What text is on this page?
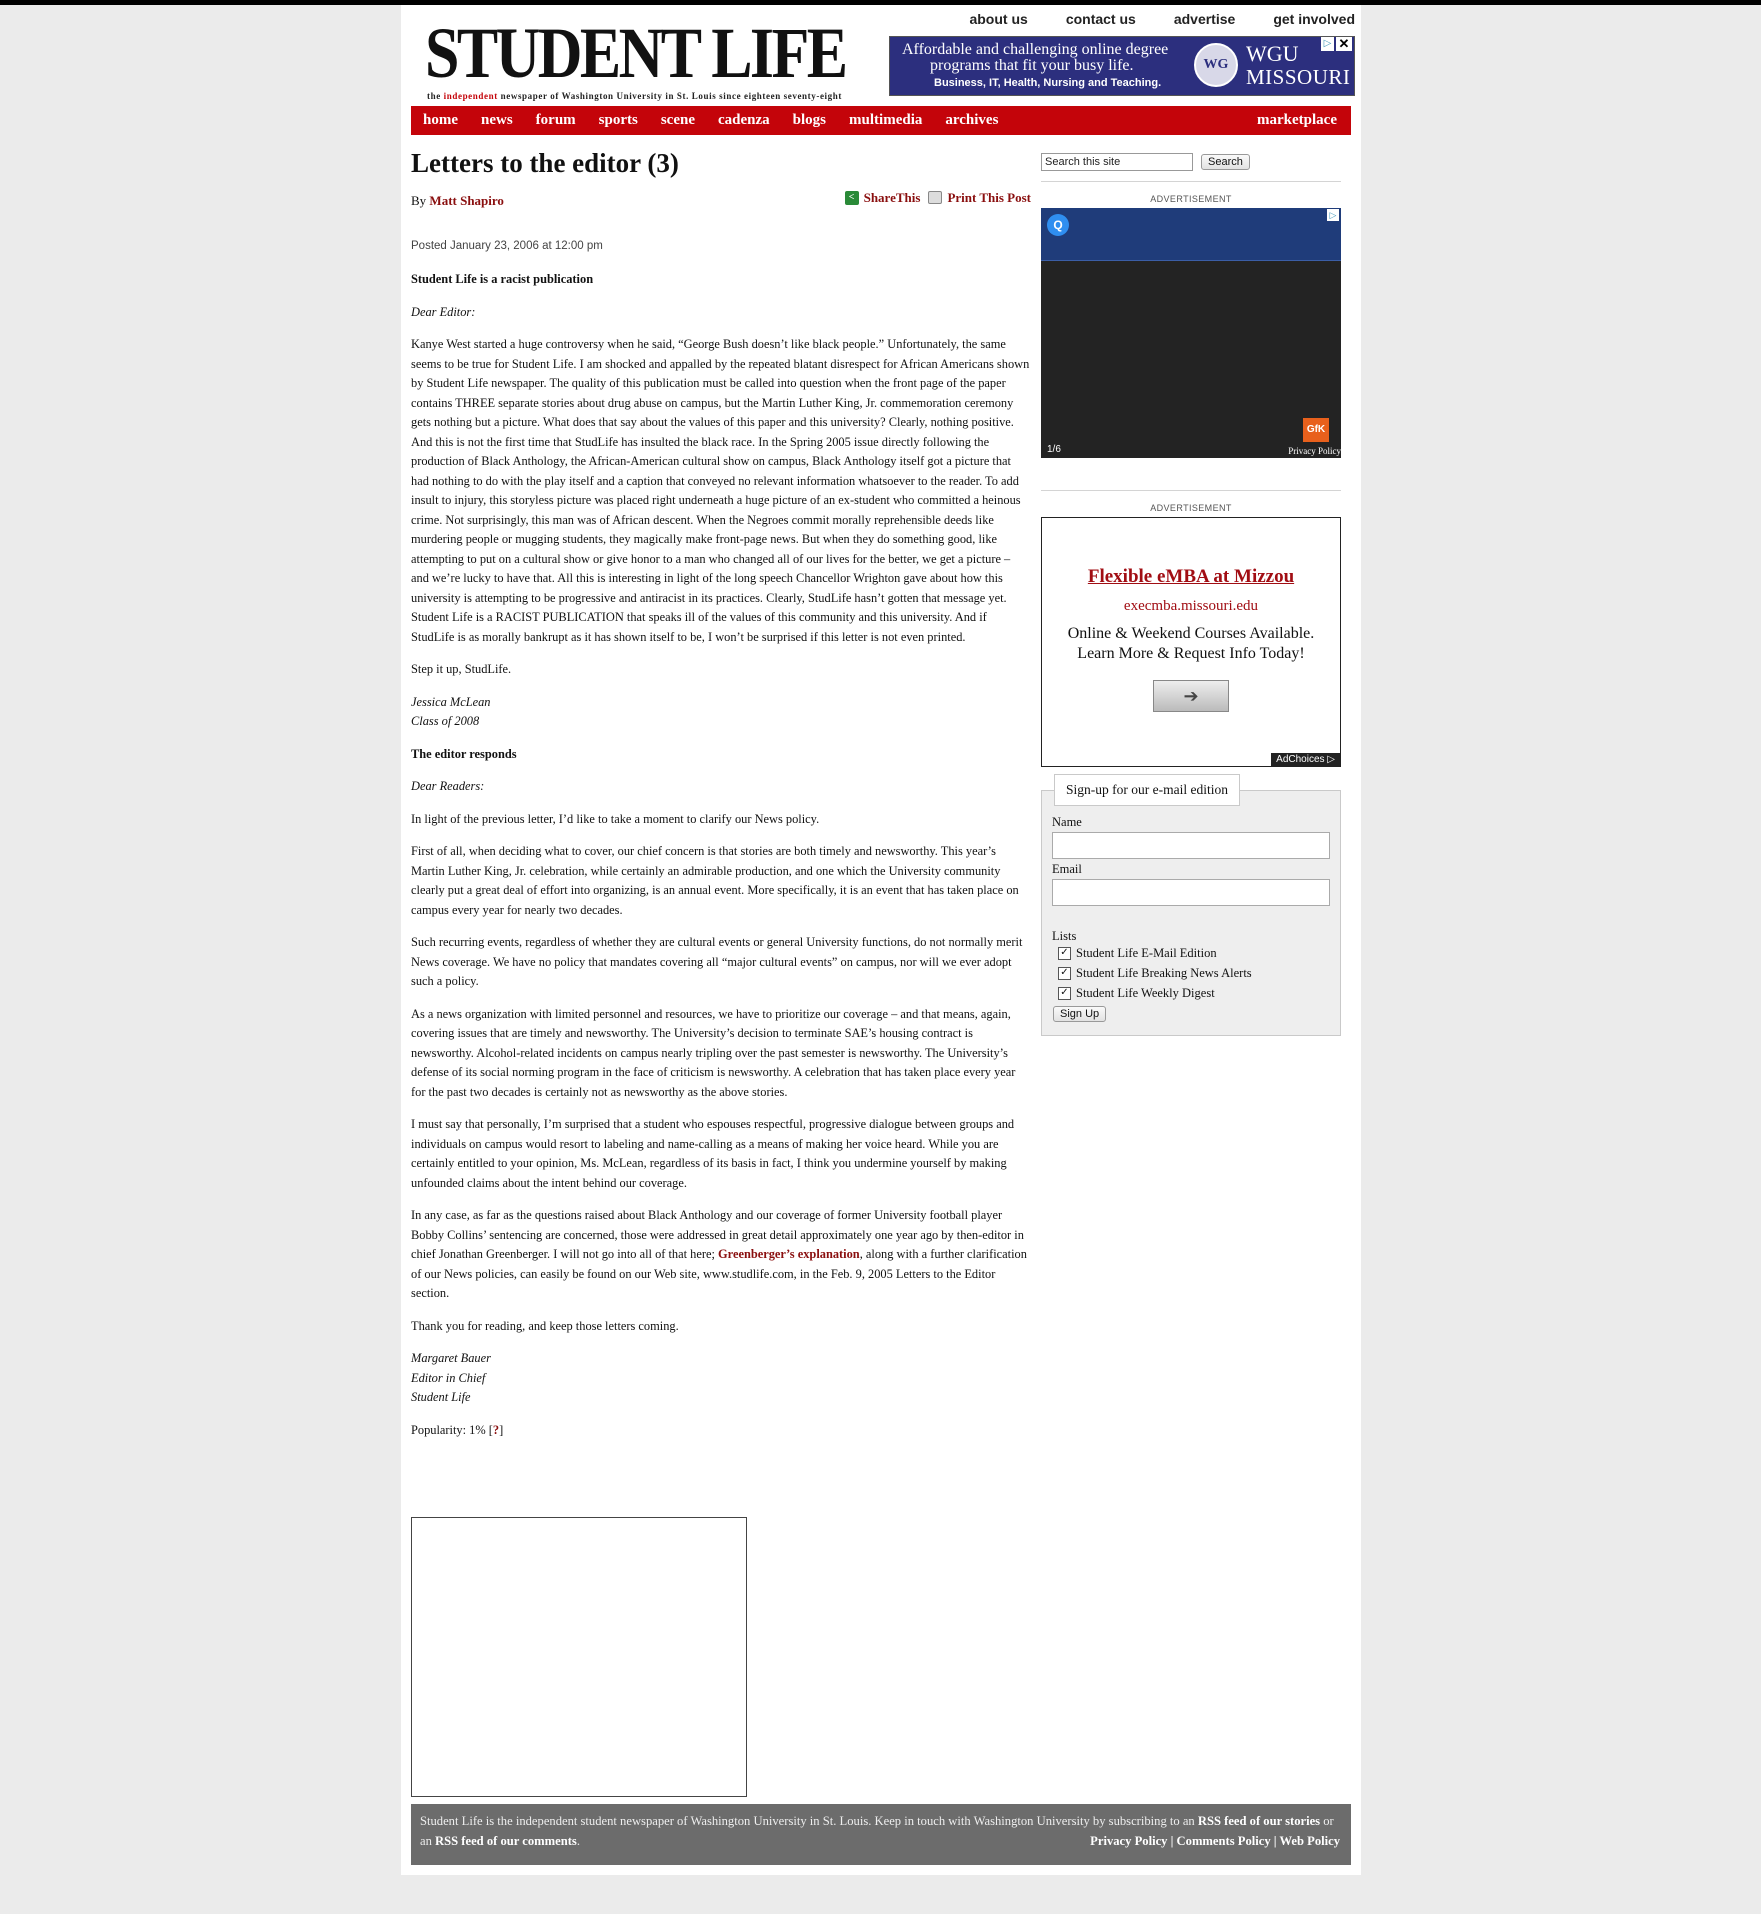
STUDENT LIFE
the independent newspaper of Washington University in St. Louis since eighteen seventy-eight
about us	contact us	advertise	get involved
Affordable and challenging online degree
programs that fit your busy life.
Business, IT, Health, Nursing and Teaching.
WG WGU
MISSOURI
▷ ✕
home news forum sports scene cadenza blogs multimedia archives	marketplace
Letters to the editor (3)
By Matt Shapiro	< ShareThis Print This Post
Posted January 23, 2006 at 12:00 pm

Student Life is a racist publication

Dear Editor:

Kanye West started a huge controversy when he said, “George Bush doesn’t like black people.” Unfortunately, the same seems to be true for Student Life. I am shocked and appalled by the repeated blatant disrespect for African Americans shown by Student Life newspaper. The quality of this publication must be called into question when the front page of the paper contains THREE separate stories about drug abuse on campus, but the Martin Luther King, Jr. commemoration ceremony gets nothing but a picture. What does that say about the values of this paper and this university? Clearly, nothing positive. And this is not the first time that StudLife has insulted the black race. In the Spring 2005 issue directly following the production of Black Anthology, the African-American cultural show on campus, Black Anthology itself got a picture that had nothing to do with the play itself and a caption that conveyed no relevant information whatsoever to the reader. To add insult to injury, this storyless picture was placed right underneath a huge picture of an ex-student who committed a heinous crime. Not surprisingly, this man was of African descent. When the Negroes commit morally reprehensible deeds like murdering people or mugging students, they magically make front-page news. But when they do something good, like attempting to put on a cultural show or give honor to a man who changed all of our lives for the better, we get a picture – and we’re lucky to have that. All this is interesting in light of the long speech Chancellor Wrighton gave about how this university is attempting to be progressive and antiracist in its practices. Clearly, StudLife hasn’t gotten that message yet. Student Life is a RACIST PUBLICATION that speaks ill of the values of this community and this university. And if StudLife is as morally bankrupt as it has shown itself to be, I won’t be surprised if this letter is not even printed.

Step it up, StudLife.

Jessica McLean
Class of 2008

The editor responds

Dear Readers:

In light of the previous letter, I’d like to take a moment to clarify our News policy.

First of all, when deciding what to cover, our chief concern is that stories are both timely and newsworthy. This year’s Martin Luther King, Jr. celebration, while certainly an admirable production, and one which the University community clearly put a great deal of effort into organizing, is an annual event. More specifically, it is an event that has taken place on campus every year for nearly two decades.

Such recurring events, regardless of whether they are cultural events or general University functions, do not normally merit News coverage. We have no policy that mandates covering all “major cultural events” on campus, nor will we ever adopt such a policy.

As a news organization with limited personnel and resources, we have to prioritize our coverage – and that means, again, covering issues that are timely and newsworthy. The University’s decision to terminate SAE’s housing contract is newsworthy. Alcohol-related incidents on campus nearly tripling over the past semester is newsworthy. The University’s defense of its social norming program in the face of criticism is newsworthy. A celebration that has taken place every year for the past two decades is certainly not as newsworthy as the above stories.

I must say that personally, I’m surprised that a student who espouses respectful, progressive dialogue between groups and individuals on campus would resort to labeling and name-calling as a means of making her voice heard. While you are certainly entitled to your opinion, Ms. McLean, regardless of its basis in fact, I think you undermine yourself by making unfounded claims about the intent behind our coverage.

In any case, as far as the questions raised about Black Anthology and our coverage of former University football player Bobby Collins’ sentencing are concerned, those were addressed in great detail approximately one year ago by then-editor in chief Jonathan Greenberger. I will not go into all of that here; Greenberger’s explanation, along with a further clarification of our News policies, can easily be found on our Web site, www.studlife.com, in the Feb. 9, 2005 Letters to the Editor section.

Thank you for reading, and keep those letters coming.

Margaret Bauer
Editor in Chief
Student Life

Popularity: 1% [?]

Search this site
Search
ADVERTISEMENT
Q
▷
GfK
1/6	Privacy Policy
ADVERTISEMENT
Flexible eMBA at Mizzou
execmba.missouri.edu
Online & Weekend Courses Available.
Learn More & Request Info Today!
➔
AdChoices ▷
Sign-up for our e-mail edition
Name
Email
Lists
✓ Student Life E-Mail Edition
✓ Student Life Breaking News Alerts
✓ Student Life Weekly Digest
Sign Up
Student Life is the independent student newspaper of Washington University in St. Louis. Keep in touch with Washington University by subscribing to an RSS feed of our stories or an RSS feed of our comments.	Privacy Policy | Comments Policy | Web Policy
